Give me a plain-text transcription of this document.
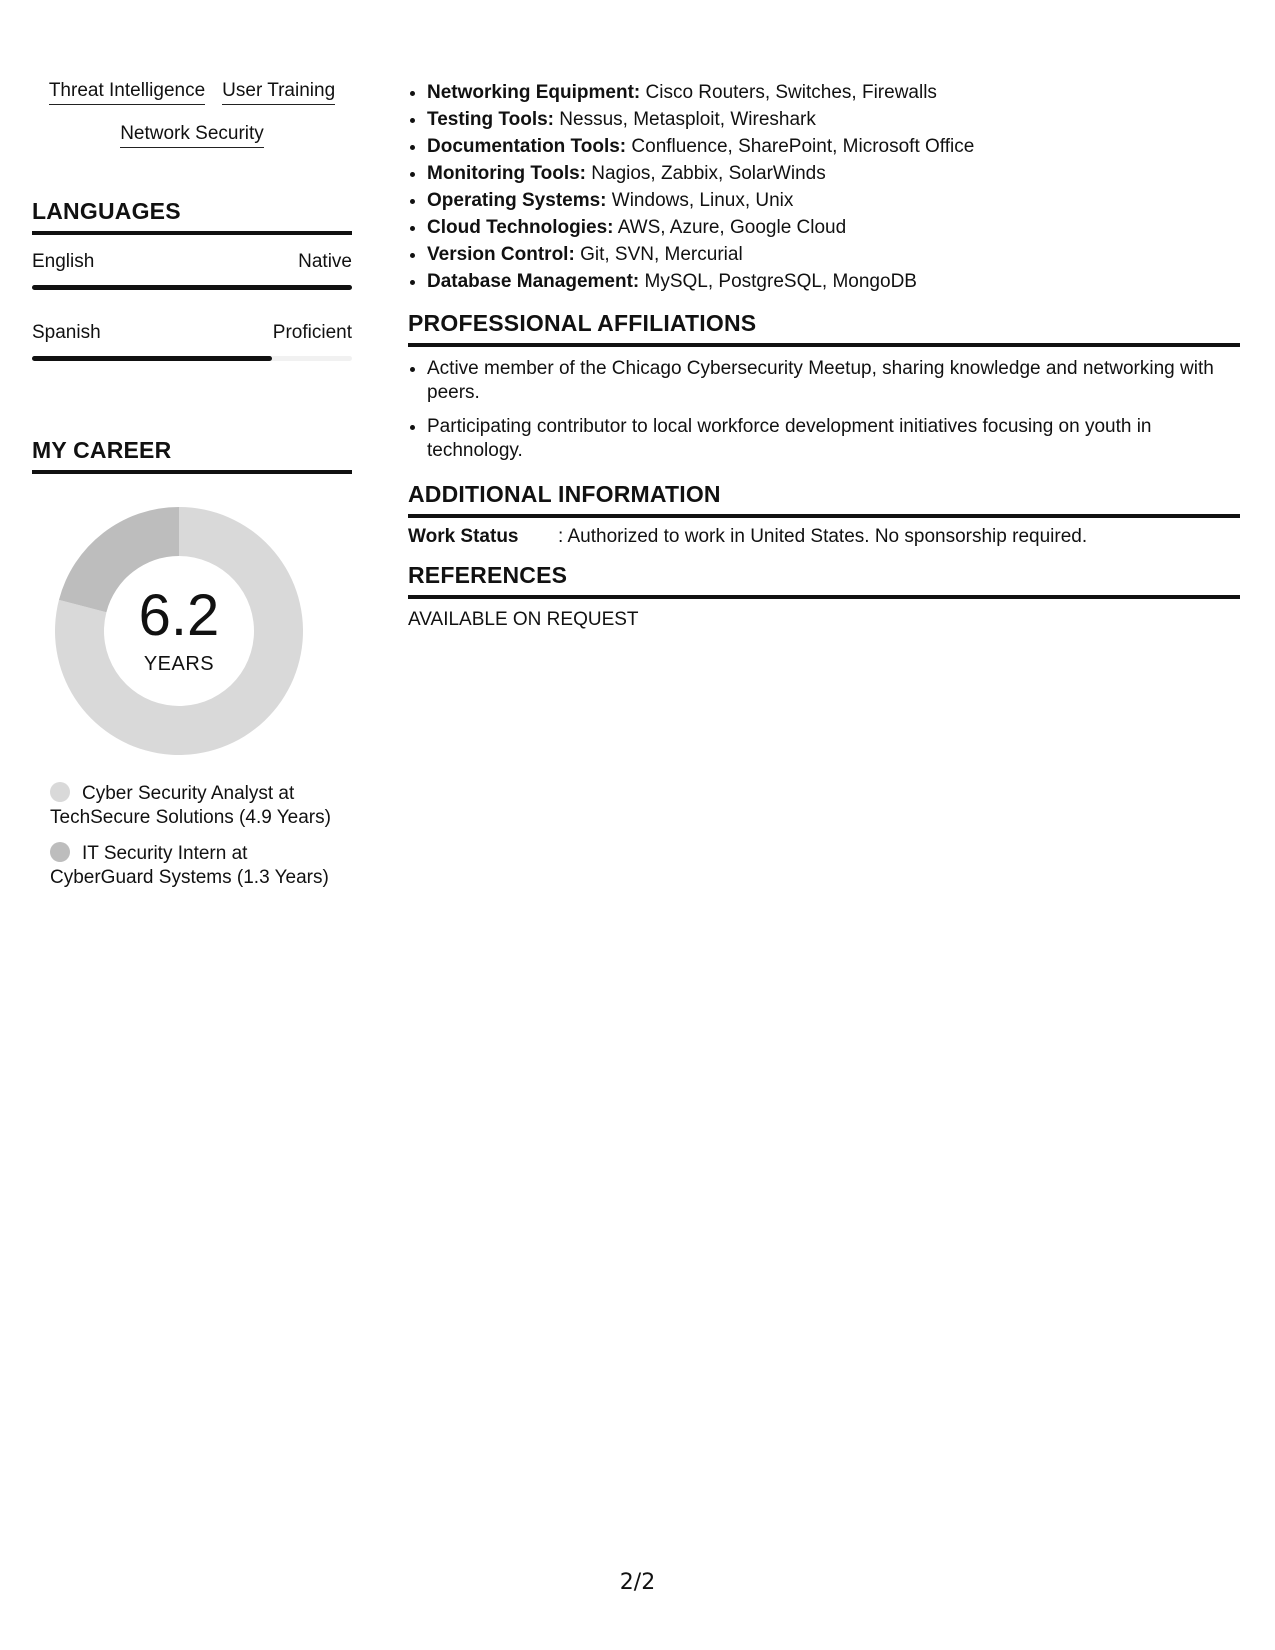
Threat Intelligence User Training
Network Security
LANGUAGES
English	Native
Spanish	Proficient
MY CAREER
6.2
YEARS
Cyber Security Analyst at TechSecure Solutions (4.9 Years)
IT Security Intern at CyberGuard Systems (1.3 Years)
• Networking Equipment: Cisco Routers, Switches, Firewalls
• Testing Tools: Nessus, Metasploit, Wireshark
• Documentation Tools: Confluence, SharePoint, Microsoft Office
• Monitoring Tools: Nagios, Zabbix, SolarWinds
• Operating Systems: Windows, Linux, Unix
• Cloud Technologies: AWS, Azure, Google Cloud
• Version Control: Git, SVN, Mercurial
• Database Management: MySQL, PostgreSQL, MongoDB
PROFESSIONAL AFFILIATIONS
• Active member of the Chicago Cybersecurity Meetup, sharing knowledge and networking with peers.
• Participating contributor to local workforce development initiatives focusing on youth in technology.
ADDITIONAL INFORMATION
Work Status	: Authorized to work in United States. No sponsorship required.
REFERENCES
AVAILABLE ON REQUEST
2/2
